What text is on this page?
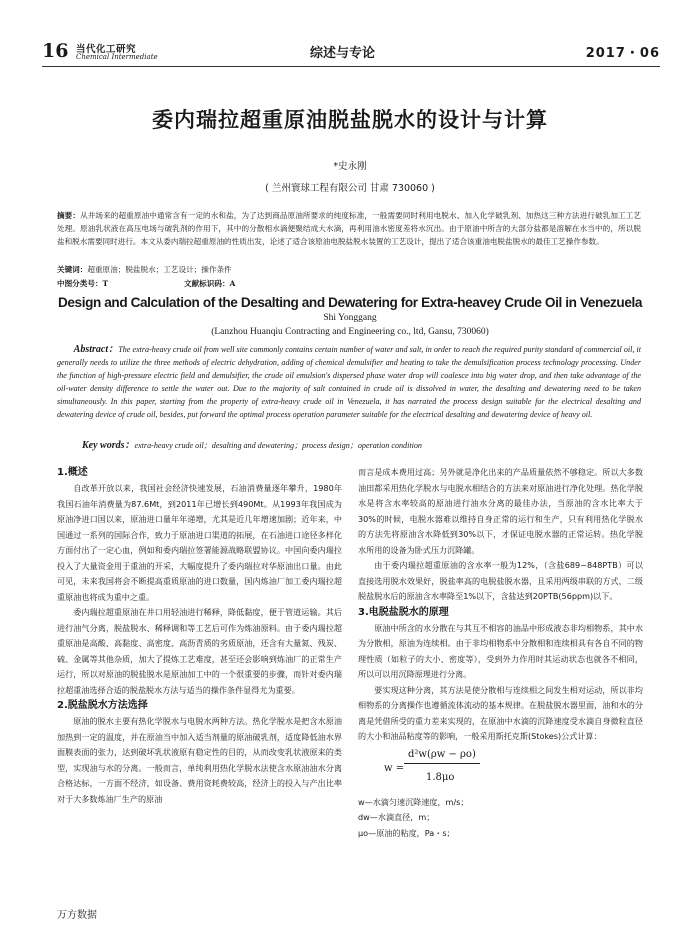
16 当代化工研究
Chemical Intermediate	综述与专论	2017・06
委内瑞拉超重原油脱盐脱水的设计与计算
*史永刚
( 兰州寰球工程有限公司 甘肃 730060 )
摘要：从井场来的超重原油中通常含有一定的水和盐，为了达到商品原油所要求的纯度标准，一般需要同时利用电脱水、加入化学破乳剂、加热这三种方法进行破乳加工工艺处理。原油乳状液在高压电场与破乳剂的作用下，其中的分散相水滴便聚结成大水滴，再利用油水密度差将水沉出。由于原油中所含的大部分盐都是溶解在水当中的，所以脱盐和脱水需要同时进行。本文从委内瑞拉超重原油的性质出发，论述了适合该原油电脱盐脱水装置的工艺设计，提出了适合该重油电脱盐脱水的最佳工艺操作参数。
关键词：超重原油；脱盐脱水；工艺设计；操作条件
中图分类号：T	文献标识码：A
Design and Calculation of the Desalting and Dewatering for Extra-heavey Crude Oil in Venezuela
Shi Yonggang
(Lanzhou Huanqiu Contracting and Engineering co., ltd, Gansu, 730060)
Abstract：The extra-heavy crude oil from well site commonly contains certain number of water and salt, in order to reach the required purity standard of commercial oil, it generally needs to utilize the three methods of electric dehydration, adding of chemical demulsifier and heating to take the demulsification process technology processing. Under the function of high-pressure electric field and demulsifier, the crude oil emulsion's dispersed phase water drop will coalesce into big water drop, and then take advantage of the oil-water density difference to settle the water out. Due to the majority of salt contained in crude oil is dissolved in water, the desalting and dewatering need to be taken simultaneously. In this paper, starting from the property of extra-heavy crude oil in Venezuela, it has narrated the process design suitable for the electrical desalting and dewatering device of crude oil, besides, put forward the optimal process operation parameter suitable for the electrical desalting and dewatering device of heavy oil.
Key words：extra-heavy crude oil；desalting and dewatering；process design；operation condition
1.概述

自改革开放以来，我国社会经济快速发展，石油消费量逐年攀升，1980年我国石油年消费量为87.6Mt，到2011年已增长到490Mt。从1993年我国成为原油净进口国以来，原油进口量年年递增，尤其是近几年增速加剧；近年来，中国通过一系列的国际合作，致力于原油进口渠道的拓展，在石油进口途径多样化方面付出了一定心血，例如和委内瑞拉签署能源战略联盟协议。中国向委内瑞拉投入了大量资金用于重油的开采，大幅度提升了委内瑞拉对华原油出口量。由此可见，未来我国将会不断提高重质原油的进口数量，国内炼油厂加工委内瑞拉超重原油也将成为重中之重。

委内瑞拉超重原油在井口用轻油进行稀释，降低黏度，便于管道运输。其后进行油气分离，脱盐脱水、稀释调和等工艺后可作为炼油原料。由于委内瑞拉超重原油是高酸、高黏度、高密度、高沥青质的劣质原油，还含有大量氮、残炭、硫、金属等其他杂质，加大了提炼工艺难度，甚至还会影响到炼油厂的正常生产运行，所以对原油的脱盐脱水是原油加工中的一个很重要的步骤，而针对委内瑞拉超重油选择合适的脱盐脱水方法与适当的操作条件显得尤为重要。

2.脱盐脱水方法选择

原油的脱水主要有热化学脱水与电脱水两种方法。热化学脱水是把含水原油加热到一定的温度，并在原油当中加入适当剂量的原油破乳剂，适度降低油水界面膜表面的张力，达到破坏乳状液原有稳定性的目的，从而改变乳状液原来的类型，实现油与水的分离。一般而言，单纯利用热化学脱水法使含水原油油水分离合格达标，一方面不经济，如设备、费用资耗费较高，经济上的投入与产出比率对于大多数炼油厂生产的原油

而言是成本费用过高；另外就是净化出来的产品质量依然不够稳定。所以大多数油田都采用热化学脱水与电脱水相结合的方法来对原油进行净化处理。热化学脱水是将含水率较高的原油进行油水分离的最佳办法，当原油的含水比率大于30%的时候，电脱水器难以维持自身正常的运行和生产，只有利用热化学脱水的方法先将原油含水降低到30%以下，才保证电脱水器的正常运转。热化学脱水所用的设备为卧式压力沉降罐。

由于委内瑞拉超重原油的含水率一般为12%，（含盐689~848PTB）可以直接选用脱水效果好，脱盐率高的电脱盐脱水器，且采用两级串联的方式，二级脱盐脱水后的原油含水率降至1%以下，含盐达到20PTB(56ppm)以下。

3.电脱盐脱水的原理

原油中所含的水分散在与其互不相容的油品中形成液态非均相物系，其中水为分散相，原油为连续相。由于非均相物系中分散相和连续相具有各自不同的物理性质（如粒子的大小、密度等），受到外力作用时其运动状态也就各不相同，所以可以用沉降原理进行分离。

要实现这种分离，其方法是使分散相与连续相之间发生相对运动，所以非均相物系的分离操作也遵循流体流动的基本规律。在脱盐脱水器里面，油和水的分离是凭借所受的重力差来实现的，在原油中水滴的沉降速度受水滴自身微粒直径的大小和油品粘度等的影响，一般采用斯托克斯(Stokes)公式计算：

w =
d²w(ρw − ρo)
1.8μo

w—水滴匀速沉降速度，m/s；

dw—水滴直径，m；

μo—原油的粘度，Pa・s；

万方数据
